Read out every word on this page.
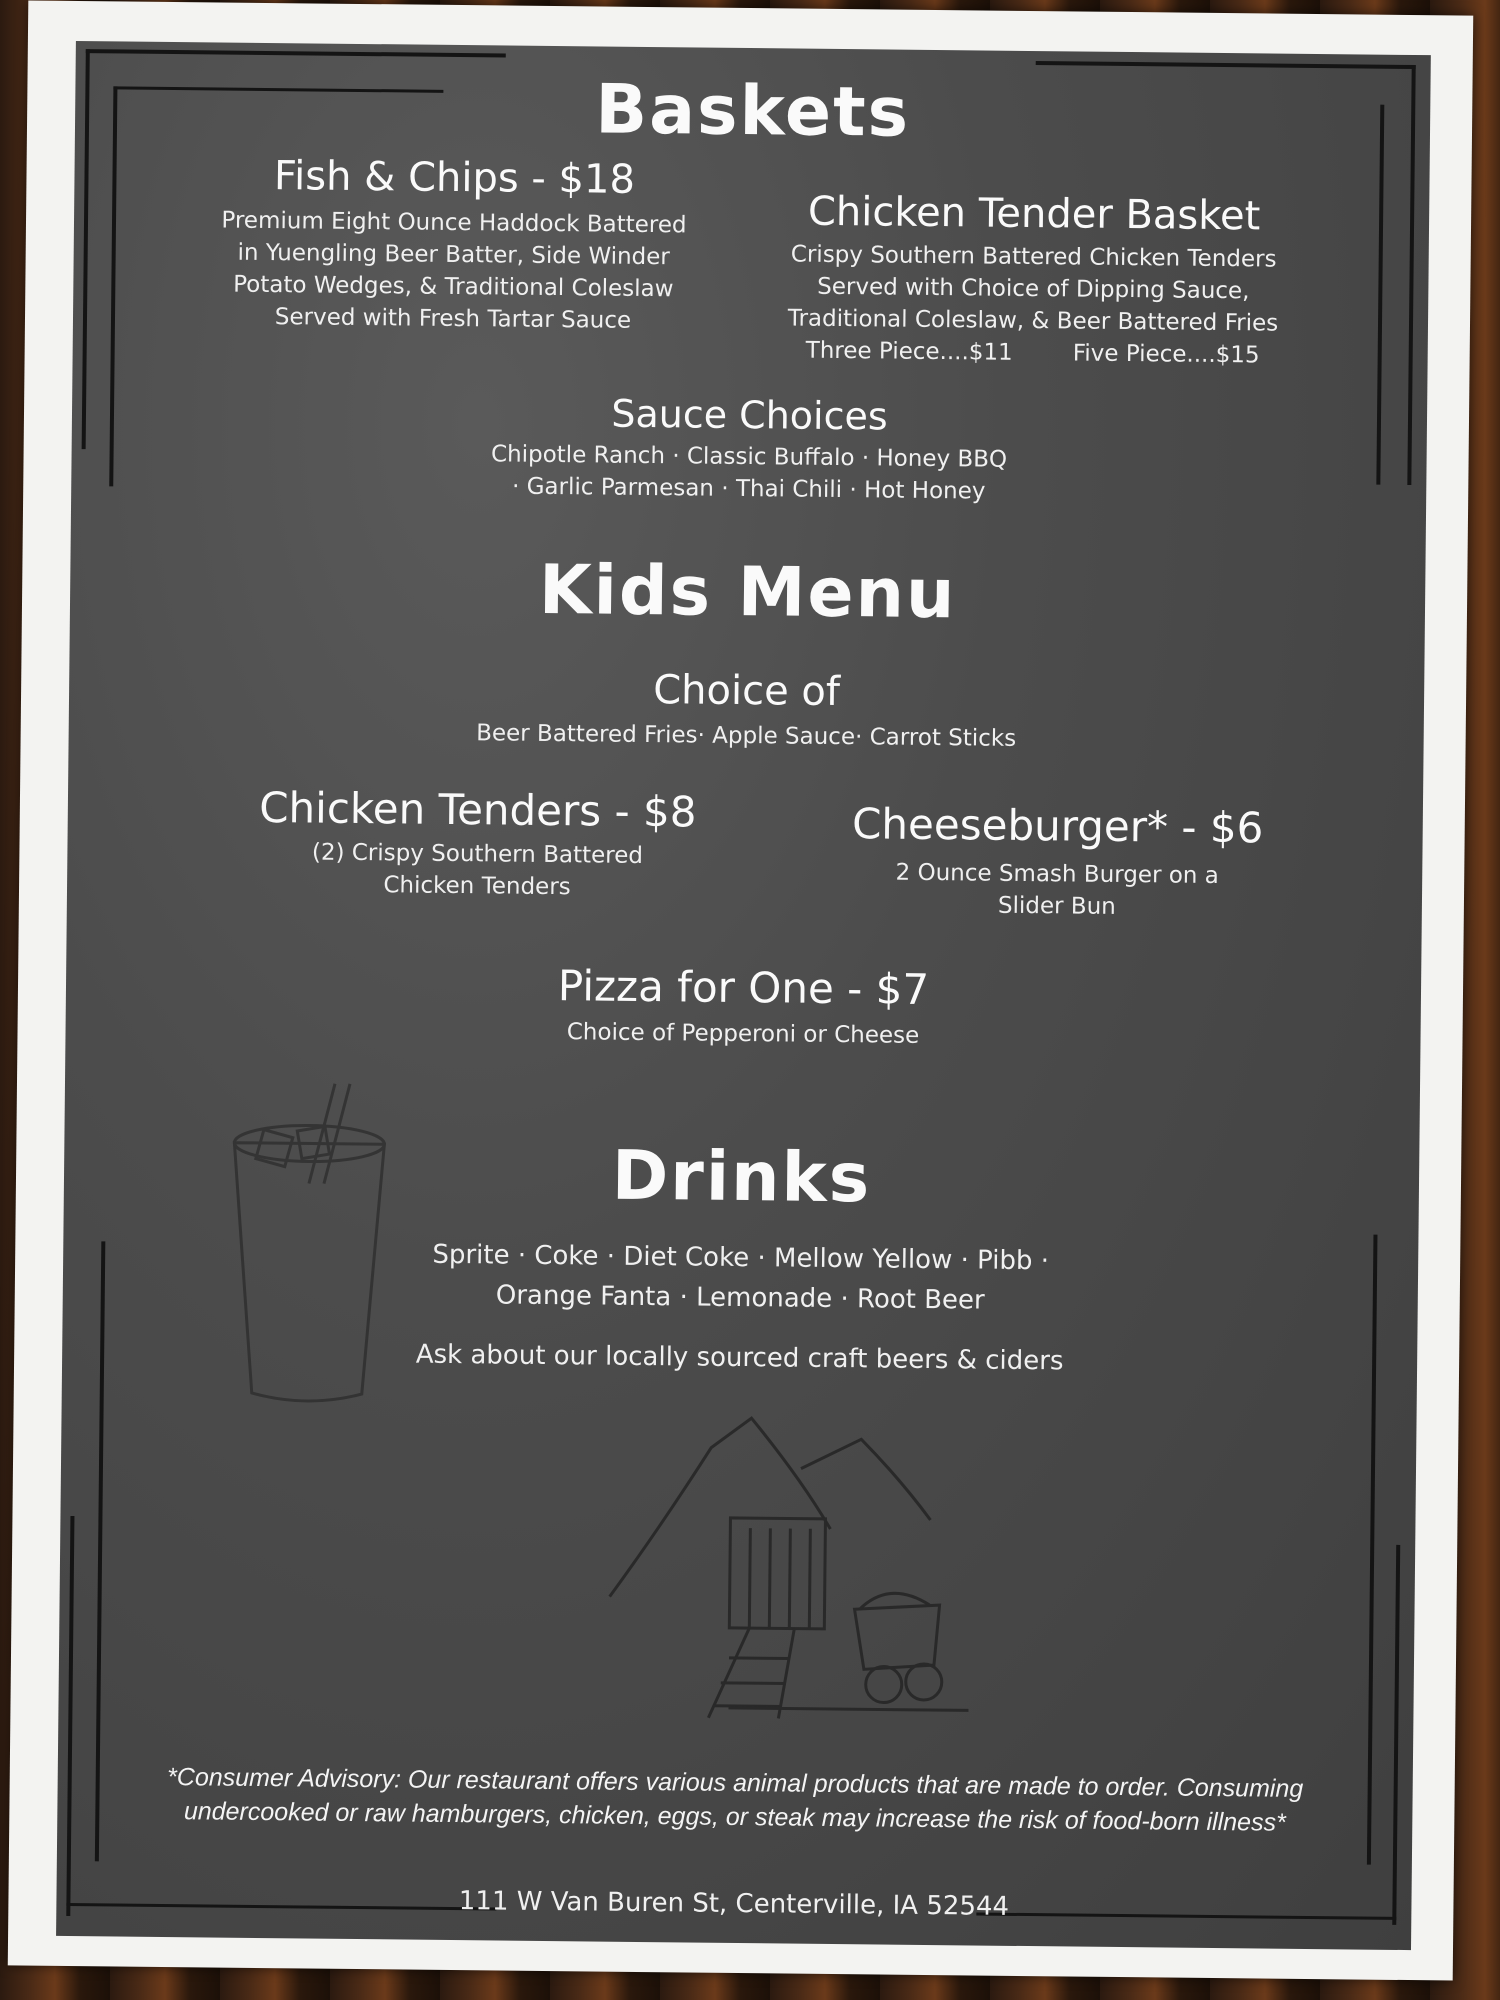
Baskets
Fish & Chips - $18
Premium Eight Ounce Haddock Battered
in Yuengling Beer Batter, Side Winder
Potato Wedges, & Traditional Coleslaw
Served with Fresh Tartar Sauce
Chicken Tender Basket
Crispy Southern Battered Chicken Tenders
Served with Choice of Dipping Sauce,
Traditional Coleslaw, & Beer Battered Fries
Three Piece....$11	Five Piece....$15
Sauce Choices
Chipotle Ranch · Classic Buffalo · Honey BBQ
· Garlic Parmesan · Thai Chili · Hot Honey
Kids Menu
Choice of
Beer Battered Fries· Apple Sauce· Carrot Sticks
Chicken Tenders - $8
(2) Crispy Southern Battered
Chicken Tenders
Cheeseburger* - $6
2 Ounce Smash Burger on a
Slider Bun
Pizza for One - $7
Choice of Pepperoni or Cheese
Drinks
Sprite · Coke · Diet Coke · Mellow Yellow · Pibb ·
Orange Fanta · Lemonade · Root Beer
Ask about our locally sourced craft beers & ciders
*Consumer Advisory: Our restaurant offers various animal products that are made to order. Consuming
undercooked or raw hamburgers, chicken, eggs, or steak may increase the risk of food-born illness*
111 W Van Buren St, Centerville, IA 52544
